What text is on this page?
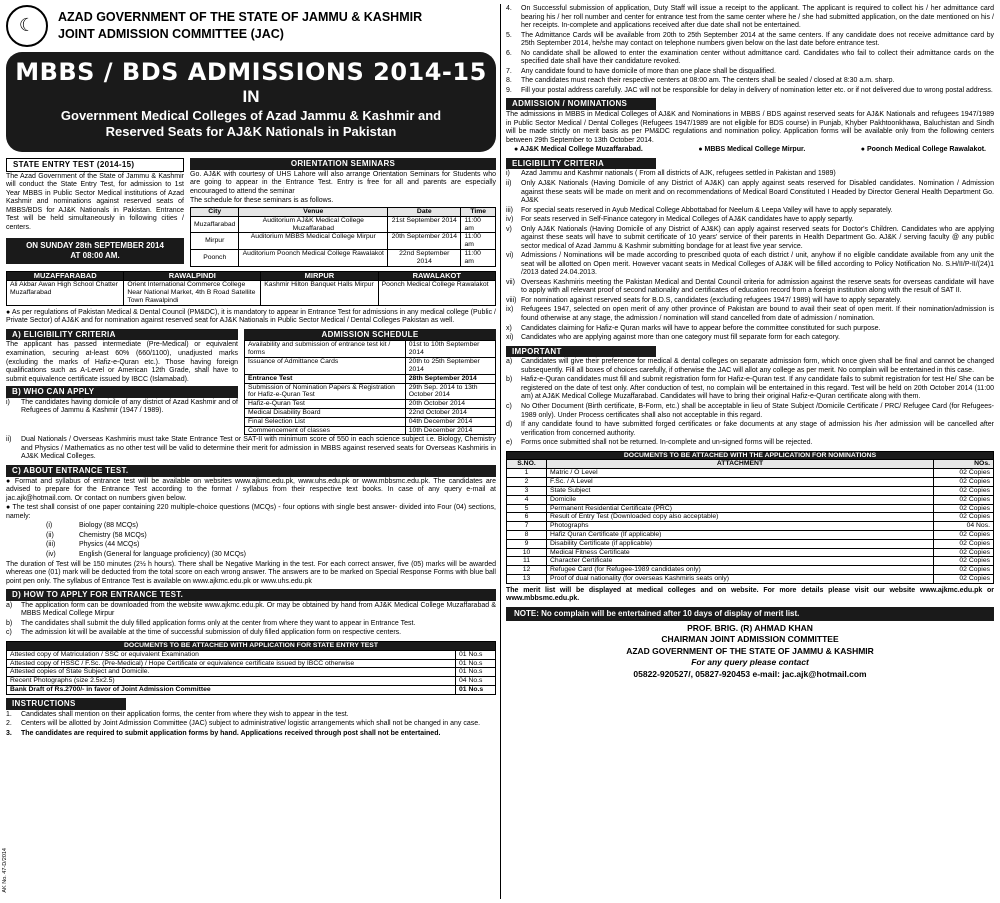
☾	AZAD GOVERNMENT OF THE STATE OF JAMMU & KASHMIR
JOINT ADMISSION COMMITTEE (JAC)
MBBS / BDS ADMISSIONS 2014-15
IN
Government Medical Colleges of Azad Jammu & Kashmir and
Reserved Seats for AJ&K Nationals in Pakistan
STATE ENTRY TEST (2014-15)

The Azad Government of the State of Jammu & Kashmir will conduct the State Entry Test, for admission to 1st Year MBBS in Public Sector Medical institutions of Azad Kashmir and nominations against reserved seats of MBBS/BDS for AJ&K Nationals in Pakistan. Entrance Test will be held simultaneously in following cities / centers.

ON SUNDAY 28th SEPTEMBER 2014
AT 08:00 AM.
ORIENTATION SEMINARS

Go. AJ&K with courtesy of UHS Lahore will also arrange Orientation Seminars for Students who are going to appear in the Entrance Test. Entry is free for all and parents are especially encouraged to attend the seminar

The schedule for these seminars is as follows.

City	Venue	Date	Time
Muzaffarabad	Auditorium AJ&K Medical College Muzaffarabad	21st September 2014	11:00 am
Mirpur	Auditorium MBBS Medical College Mirpur	20th September 2014	11:00 am
Poonch	Auditorium Poonch Medical College Rawalakot	22nd September 2014	11:00 am
MUZAFFARABAD	RAWALPINDI	MIRPUR	RAWALAKOT
Ali Akbar Awan High School Chatter Muzaffarabad	Orient International Commerce College Near National Market, 4th B Road Satellite Town Rawalpindi	Kashmir Hilton Banquet Halls Mirpur	Poonch Medical College Rawalakot

● As per regulations of Pakistan Medical & Dental Council (PM&DC), it is mandatory to appear in Entrance Test for admissions in any medical college (Public / Private Sector) of AJ&K and for nomination against reserved seat for AJ&K Nationals in Public Sector Medical / Dental Colleges Pakistan as well.

A) ELIGIBILITY CRITERIA

The applicant has passed intermediate (Pre-Medical) or equivalent examination, securing at-least 60% (660/1100), unadjusted marks (excluding the marks of Hafiz-e-Quran etc.). Those having foreign qualifications such as A-Level or American 12th Grade, shall have to submit equivalence certificate issued by IBCC (Islamabad).

B) WHO CAN APPLY
i)	The candidates having domicile of any district of Azad Kashmir and of Refugees of Jammu & Kashmir (1947 / 1989).
ADMISSION SCHEDULE
Availability and submission of entrance test kit / forms	01st to 10th September 2014
Issuance of Admittance Cards	20th to 25th September 2014
Entrance Test	28th September 2014
Submission of Nomination Papers & Registration for Hafiz-e-Quran Test	29th Sep. 2014 to 13th October 2014
Hafiz-e-Quran Test	20th October 2014
Medical Disability Board	22nd October 2014
Final Selection List	04th December 2014
Commencement of classes	10th December 2014
ii)	Dual Nationals / Overseas Kashmiris must take State Entrance Test or SAT-II with minimum score of 550 in each science subject i.e. Biology, Chemistry and Physics / Mathematics as no other test will be valid to determine their merit for admission in MBBS against reserved seats for Overseas Kashmiris in AJ&K Medical Colleges.
C) ABOUT ENTRANCE TEST.

● Format and syllabus of entrance test will be available on websites www.ajkmc.edu.pk, www.uhs.edu.pk or www.mbbsmc.edu.pk. The candidates are advised to prepare for the Entrance Test according to the format / syllabus from their respective text books. In case of any query e-mail at jac.ajk@hotmail.com. Or contact on numbers given below.

● The test shall consist of one paper containing 220 multiple-choice questions (MCQs) - four options with single best answer- divided into Four (04) sections, namely:

(i)	Biology (88 MCQs)
(ii)	Chemistry (58 MCQs)
(iii)	Physics (44 MCQs)
(iv)	English (General for language proficiency) (30 MCQs)

The duration of Test will be 150 minutes (2½ h hours). There shall be Negative Marking in the test. For each correct answer, five (05) marks will be awarded whereas one (01) mark will be deducted from the total score on each wrong answer. The answers are to be marked on Special Response Forms with blue ball point pen only. The syllabus of Entrance Test is available on www.ajkmc.edu.pk or www.uhs.edu.pk

D) HOW TO APPLY FOR ENTRANCE TEST.
a)	The application form can be downloaded from the website www.ajkmc.edu.pk. Or may be obtained by hand from AJ&K Medical College Muzaffarabad & MBBS Medical College Mirpur
b)	The candidates shall submit the duly filled application forms only at the center from where they want to appear in Entrance Test.
c)	The admission kit will be available at the time of successful submission of duly filled application form on respective centers.
DOCUMENTS TO BE ATTACHED WITH APPLICATION FOR STATE ENTRY TEST	
Attested copy of Matriculation / SSC or equivalent Examination	01 No.s
Attested copy of HSSC / F.Sc. (Pre-Medical) / Hope Certificate or equivalence certificate issued by IBCC otherwise	01 No.s
Attested copies of State Subject and Domicile.	01 No.s
Recent Photographs (size 2.5x2.5)	04 No.s
Bank Draft of Rs.2700/- in favor of Joint Admission Committee	01 No.s
INSTRUCTIONS
1.	Candidates shall mention on their application forms, the center from where they wish to appear in the test.
2.	Centers will be allotted by Joint Admission Committee (JAC) subject to administrative/ logistic arrangements which shall not be changed in any case.
3.	The candidates are required to submit application forms by hand. Applications received through post shall not be entertained.
AK No. 47-D/2014
4.	On Successful submission of application, Duty Staff will issue a receipt to the applicant. The applicant is required to collect his / her admittance card bearing his / her roll number and center for entrance test from the same center where he / she had submitted application, on the date mentioned on his / her receipts. In-complete and applications received after due date shall not be entertained.
5.	The Admittance Cards will be available from 20th to 25th September 2014 at the same centers. If any candidate does not receive admittance card by 25th September 2014, he/she may contact on telephone numbers given below on the last date before entrance test.
6.	No candidate shall be allowed to enter the examination center without admittance card. Candidates who fail to collect their admittance cards on the specified date shall have their candidature revoked.
7.	Any candidate found to have domicile of more than one place shall be disqualified.
8.	The candidates must reach their respective centers at 08:00 am. The centers shall be sealed / closed at 8:30 a.m. sharp.
9.	Fill your postal address carefully. JAC will not be responsible for delay in delivery of nomination letter etc. or if not delivered due to wrong postal address.
ADMISSION / NOMINATIONS

The admissions in MBBS in Medical Colleges of AJ&K and Nominations in MBBS / BDS against reserved seats for AJ&K Nationals and refugees 1947/1989 in Public Sector Medical / Dental Colleges (Refugees 1947/1989 are not eligible for BDS course) in Punjab, Khyber Pakhtoonkhawa, Baluchistan and Sindh will be made strictly on merit basis as per PM&DC regulations and nomination policy. Application forms will be available only from the following centers between 29th September to 13th October 2014.

● AJ&K Medical College Muzaffarabad.	● MBBS Medical College Mirpur.	● Poonch Medical College Rawalakot.
ELIGIBILITY CRITERIA
i)	Azad Jammu and Kashmir nationals ( From all districts of AJK, refugees settled in Pakistan and 1989)
ii)	Only AJ&K Nationals (Having Domicile of any District of AJ&K) can apply against seats reserved for Disabled candidates. Nomination / Admission against these seats will be made on merit and on recommendations of Medical Board Constituted I Headed by Director General Health Department Go. AJ&K
iii)	For special seats reserved in Ayub Medical College Abbottabad for Neelum & Leepa Valley will have to apply separately.
iv)	For seats reserved in Self-Finance category in Medical Colleges of AJ&K candidates have to apply separtly.
v)	Only AJ&K Nationals (Having Domicile of any District of AJ&K) can apply against reserved seats for Doctor's Children. Candidates who are applying against these seats will have to submit certificate of 10 years' service of their parents in Health Department Go. AJ&K / serving faculty @ any public sector medical of Azad Jammu & Kashmir submitting bondage for at least five year service.
vi)	Admissions / Nominations will be made according to prescribed quota of each district / unit, anyhow if no eligible candidate available from any unit the seat will be allotted on Open merit. However vacant seats in Medical Colleges of AJ&K will be filled according to Policy Notification No. S.H/II/P-II/(24)1 /2013 dated 24.04.2013.
vii) Overseas Kashmiris meeting the Pakistan Medical and Dental Council criteria for admission against the reserve seats for overseas candidate will have to apply with all relevant proof of second nationality and certificates of education record from a foreign institution along with the result of SAT II.
viii) For nomination against reserved seats for B.D.S, candidates (excluding refugees 1947/ 1989) will have to apply separately.
ix)	Refugees 1947, selected on open merit of any other province of Pakistan are bound to avail their seat of open merit. If their nomination/admission is found otherwise at any stage, the admission / nomination will stand cancelled from date of admission / nomination.
x)	Candidates claiming for Hafiz-e Quran marks will have to appear before the committee constituted for such purpose.
xi)	Candidates who are applying against more than one category must fill separate form for each category.
IMPORTANT
a)	Candidates will give their preference for medical & dental colleges on separate admission form, which once given shall be final and cannot be changed subsequently. Fill all boxes of choices carefully, if otherwise the JAC will allot any college as per merit. No complain will be entertained in this case.
b)	Hafiz-e-Quran candidates must fill and submit registration form for Hafiz-e-Quran test. If any candidate fails to submit registration for test He/ She can be registered on the date of test only. After conduction of test, no complain will be entertained in this regard. Test will be held on 20th October 2014 (11:00 am) at AJ&K Medical College Muzaffarabad. Candidates will have to bring their original Hafiz-e-Quran certificate along with them.
c)	No Other Document (Birth certificate, B-Form, etc.) shall be acceptable in lieu of State Subject /Domicile Certificate / PRC/ Refugee Card (for Refugees-1989 only). Under Process certificates shall also not acceptable in this regard.
d)	If any candidate found to have submitted forged certificates or fake documents at any stage of admission his /her admission will be cancelled after verification from concerned authority.
e)	Forms once submitted shall not be returned. In-complete and un-signed forms will be rejected.
DOCUMENTS TO BE ATTACHED WITH THE APPLICATION FOR NOMINATIONS		
S.NO.	ATTACHMENT	NOs.
1	Matric / O Level	02 Copies
2	F.Sc. / A Level	02 Copies
3	State Subject	02 Copies
4	Domicile	02 Copies
5	Permanent Residential Certificate (PRC)	02 Copies
6	Result of Entry Test (Downloaded copy also acceptable)	02 Copies
7	Photographs	04 Nos.
8	Hafiz Quran Certificate (If applicable)	02 Copies
9	Disability Certificate (if applicable)	02 Copies
10	Medical Fitness Certificate	02 Copies
11	Character Certificate	02 Copies
12	Refugee Card (for Refugee-1989 candidates only)	02 Copies
13	Proof of dual nationality (for overseas Kashmiris seats only)	02 Copies

The merit list will be displayed at medical colleges and on website. For more details please visit our website www.ajkmc.edu.pk or www.mbbsmc.edu.pk.

NOTE: No complain will be entertained after 10 days of display of merit list.
PROF. BRIG. (R) AHMAD KHAN
CHAIRMAN JOINT ADMISSION COMMITTEE
AZAD GOVERNMENT OF THE STATE OF JAMMU & KASHMIR
For any query please contact
05822-920527/, 05827-920453 e-mail: jac.ajk@hotmail.com
